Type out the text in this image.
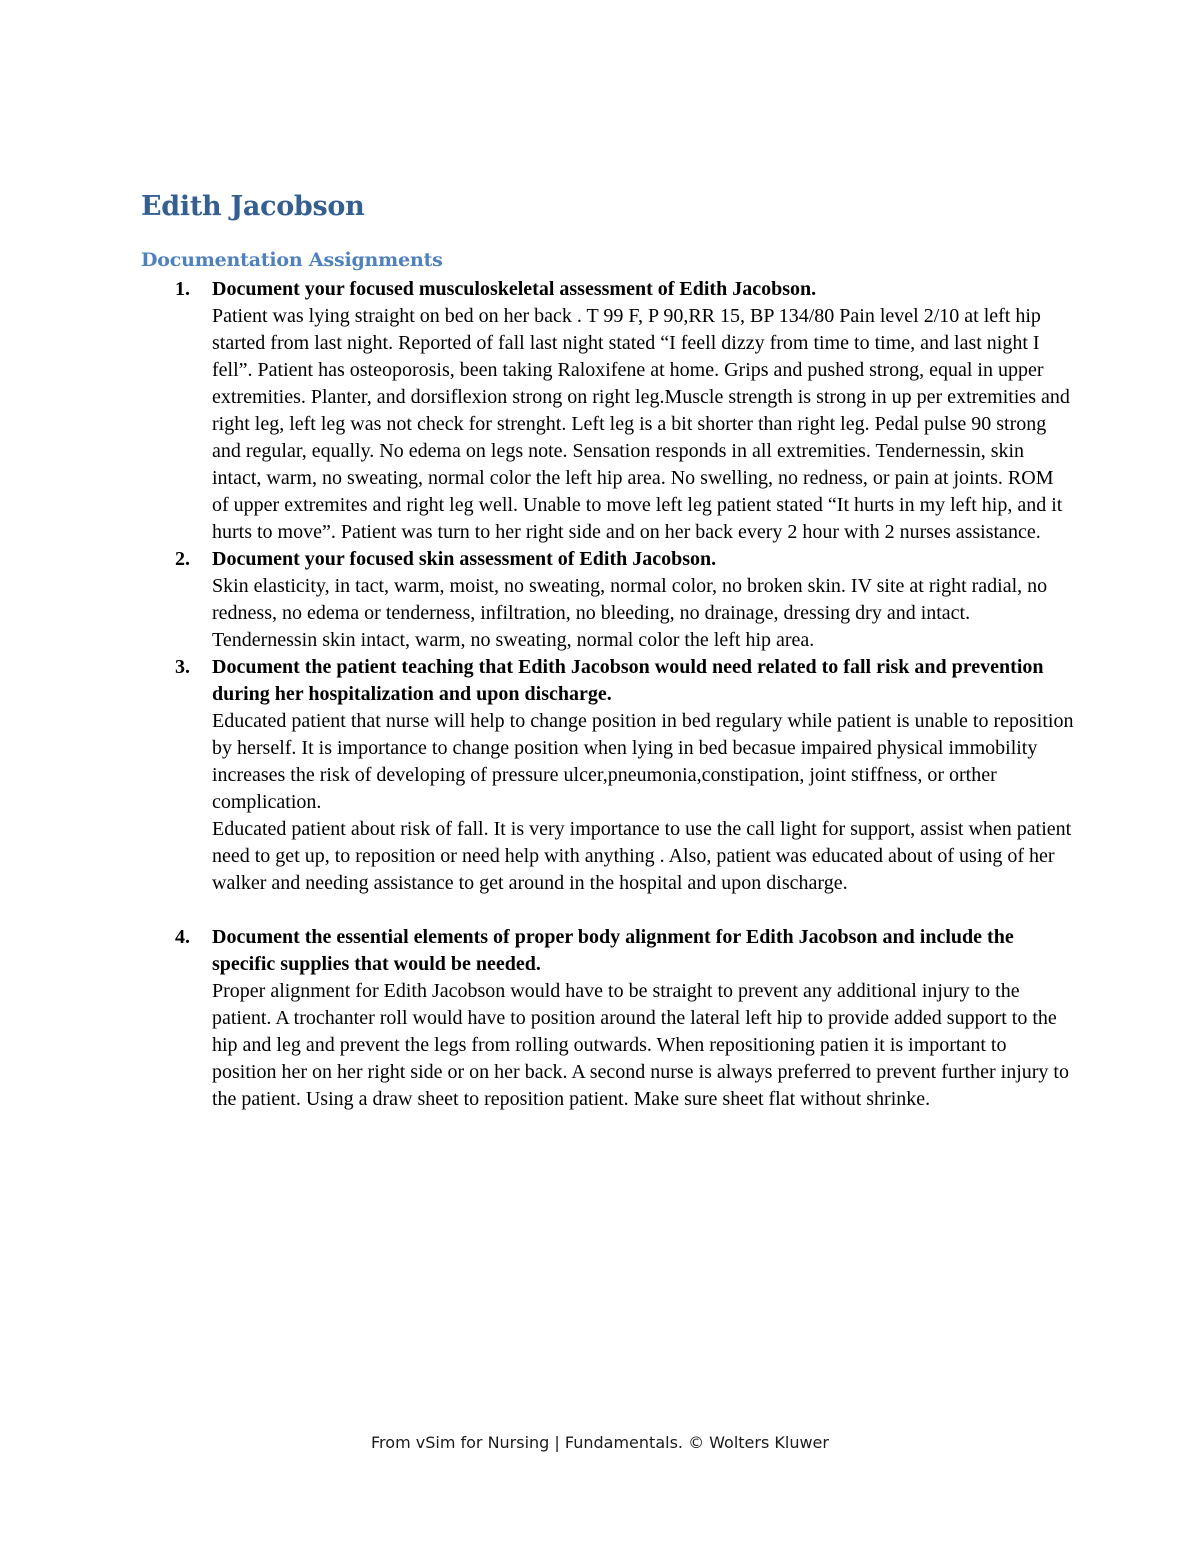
Edith Jacobson
Documentation Assignments
1. Document your focused musculoskeletal assessment of Edith Jacobson.
Patient was lying straight on bed on her back . T 99 F, P 90,RR 15, BP 134/80 Pain level 2/10 at left hip started from last night. Reported of fall last night stated “I feell dizzy from time to time, and last night I fell”. Patient has osteoporosis, been taking Raloxifene at home. Grips and pushed strong, equal in upper extremities. Planter, and dorsiflexion strong on right leg.Muscle strength is strong in up per extremities and right leg, left leg was not check for strenght. Left leg is a bit shorter than right leg. Pedal pulse 90 strong and regular, equally. No edema on legs note. Sensation responds in all extremities. Tendernessin, skin intact, warm, no sweating, normal color the left hip area. No swelling, no redness, or pain at joints. ROM of upper extremites and right leg well. Unable to move left leg patient stated “It hurts in my left hip, and it hurts to move”. Patient was turn to her right side and on her back every 2 hour with 2 nurses assistance.
2. Document your focused skin assessment of Edith Jacobson.
Skin elasticity, in tact, warm, moist, no sweating, normal color, no broken skin. IV site at right radial, no redness, no edema or tenderness, infiltration, no bleeding, no drainage, dressing dry and intact. Tendernessin skin intact, warm, no sweating, normal color the left hip area.
3. Document the patient teaching that Edith Jacobson would need related to fall risk and prevention during her hospitalization and upon discharge.
Educated patient that nurse will help to change position in bed regulary while patient is unable to reposition by herself. It is importance to change position when lying in bed becasue impaired physical immobility increases the risk of developing of pressure ulcer,pneumonia,constipation, joint stiffness, or orther complication.
Educated patient about risk of fall. It is very importance to use the call light for support, assist when patient need to get up, to reposition or need help with anything . Also, patient was educated about of using of her walker and needing assistance to get around in the hospital and upon discharge.
4. Document the essential elements of proper body alignment for Edith Jacobson and include the specific supplies that would be needed.
Proper alignment for Edith Jacobson would have to be straight to prevent any additional injury to the patient. A trochanter roll would have to position around the lateral left hip to provide added support to the hip and leg and prevent the legs from rolling outwards. When repositioning patien it is important to position her on her right side or on her back. A second nurse is always preferred to prevent further injury to the patient. Using a draw sheet to reposition patient. Make sure sheet flat without shrinke.

From vSim for Nursing | Fundamentals. © Wolters Kluwer
